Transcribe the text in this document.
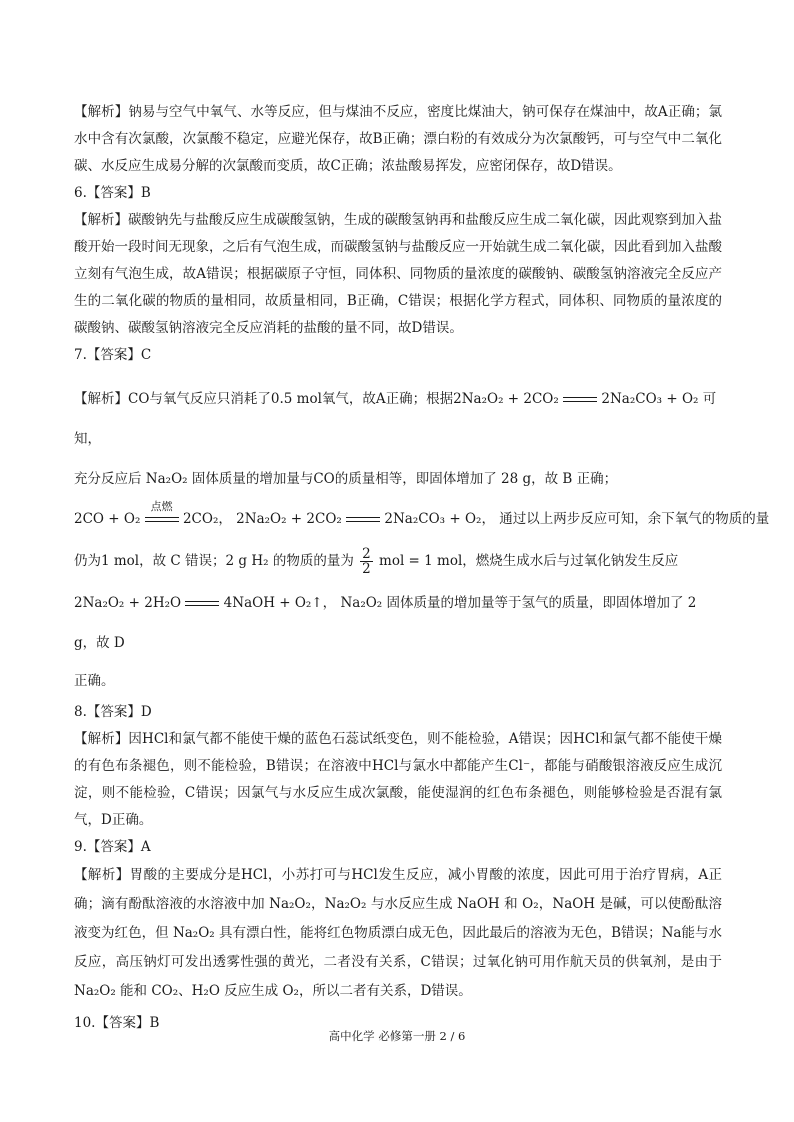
【解析】钠易与空气中氧气、水等反应，但与煤油不反应，密度比煤油大，钠可保存在煤油中，故A正确；氯水中含有次氯酸，次氯酸不稳定，应避光保存，故B正确；漂白粉的有效成分为次氯酸钙，可与空气中二氧化碳、水反应生成易分解的次氯酸而变质，故C正确；浓盐酸易挥发，应密闭保存，故D错误。

6.【答案】B

【解析】碳酸钠先与盐酸反应生成碳酸氢钠，生成的碳酸氢钠再和盐酸反应生成二氧化碳，因此观察到加入盐酸开始一段时间无现象，之后有气泡生成，而碳酸氢钠与盐酸反应一开始就生成二氧化碳，因此看到加入盐酸立刻有气泡生成，故A错误；根据碳原子守恒，同体积、同物质的量浓度的碳酸钠、碳酸氢钠溶液完全反应产生的二氧化碳的物质的量相同，故质量相同，B正确，C错误；根据化学方程式，同体积、同物质的量浓度的碳酸钠、碳酸氢钠溶液完全反应消耗的盐酸的量不同，故D错误。

7.【答案】C

【解析】CO与氧气反应只消耗了0.5 mol氧气，故A正确；根据2Na₂O₂ + 2CO₂	2Na₂CO₃ + O₂ 可知，

充分反应后 Na₂O₂ 固体质量的增加量与CO的质量相等，即固体增加了 28 g，故 B 正确；

2CO + O₂
点燃
2CO₂， 2Na₂O₂ + 2CO₂	2Na₂CO₃ + O₂， 通过以上两步反应可知，余下氧气的物质的量

仍为1 mol，故 C 错误；2 g H₂ 的物质的量为 $\frac{2}{2}$ mol = 1 mol，燃烧生成水后与过氧化钠发生反应

2Na₂O₂ + 2H₂O	4NaOH + O₂↑， Na₂O₂ 固体质量的增加量等于氢气的质量，即固体增加了 2 g，故 D

正确。

8.【答案】D

【解析】因HCl和氯气都不能使干燥的蓝色石蕊试纸变色，则不能检验，A错误；因HCl和氯气都不能使干燥的有色布条褪色，则不能检验，B错误；在溶液中HCl与氯水中都能产生Cl⁻，都能与硝酸银溶液反应生成沉淀，则不能检验，C错误；因氯气与水反应生成次氯酸，能使湿润的红色布条褪色，则能够检验是否混有氯气，D正确。

9.【答案】A

【解析】胃酸的主要成分是HCl，小苏打可与HCl发生反应，减小胃酸的浓度，因此可用于治疗胃病，A正确；滴有酚酞溶液的水溶液中加 Na₂O₂，Na₂O₂ 与水反应生成 NaOH 和 O₂，NaOH 是碱，可以使酚酞溶液变为红色，但 Na₂O₂ 具有漂白性，能将红色物质漂白成无色，因此最后的溶液为无色，B错误；Na能与水反应，高压钠灯可发出透雾性强的黄光，二者没有关系，C错误；过氧化钠可用作航天员的供氧剂，是由于 Na₂O₂ 能和 CO₂、H₂O 反应生成 O₂，所以二者有关系，D错误。

10.【答案】B

高中化学 必修第一册 2 / 6
